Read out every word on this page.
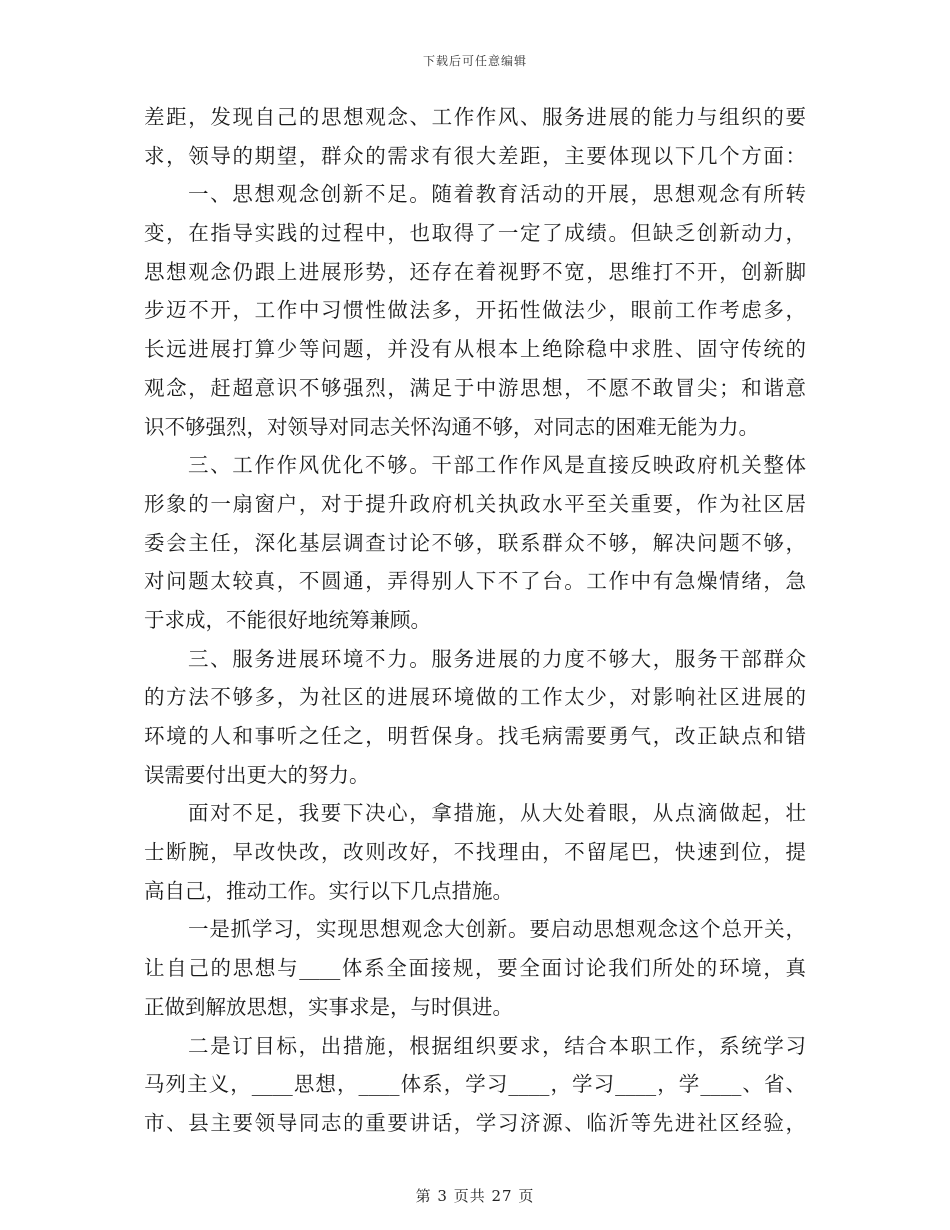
下载后可任意编辑
差距，发现自己的思想观念、工作作风、服务进展的能力与组织的要
求，领导的期望，群众的需求有很大差距，主要体现以下几个方面：
一、思想观念创新不足。随着教育活动的开展，思想观念有所转
变，在指导实践的过程中，也取得了一定了成绩。但缺乏创新动力，
思想观念仍跟上进展形势，还存在着视野不宽，思维打不开，创新脚
步迈不开，工作中习惯性做法多，开拓性做法少，眼前工作考虑多，
长远进展打算少等问题，并没有从根本上绝除稳中求胜、固守传统的
观念，赶超意识不够强烈，满足于中游思想，不愿不敢冒尖；和谐意
识不够强烈，对领导对同志关怀沟通不够，对同志的困难无能为力。
三、工作作风优化不够。干部工作作风是直接反映政府机关整体
形象的一扇窗户，对于提升政府机关执政水平至关重要，作为社区居
委会主任，深化基层调查讨论不够，联系群众不够，解决问题不够，
对问题太较真，不圆通，弄得别人下不了台。工作中有急燥情绪，急
于求成，不能很好地统筹兼顾。
三、服务进展环境不力。服务进展的力度不够大，服务干部群众
的方法不够多，为社区的进展环境做的工作太少，对影响社区进展的
环境的人和事听之任之，明哲保身。找毛病需要勇气，改正缺点和错
误需要付出更大的努力。
面对不足，我要下决心，拿措施，从大处着眼，从点滴做起，壮
士断腕，早改快改，改则改好，不找理由，不留尾巴，快速到位，提
高自己，推动工作。实行以下几点措施。
一是抓学习，实现思想观念大创新。要启动思想观念这个总开关，
让自己的思想与____体系全面接规，要全面讨论我们所处的环境，真
正做到解放思想，实事求是，与时俱进。
二是订目标，出措施，根据组织要求，结合本职工作，系统学习
马列主义，____思想，____体系，学习____，学习____，学____、省、
市、县主要领导同志的重要讲话，学习济源、临沂等先进社区经验，
第 3 页共 27 页
